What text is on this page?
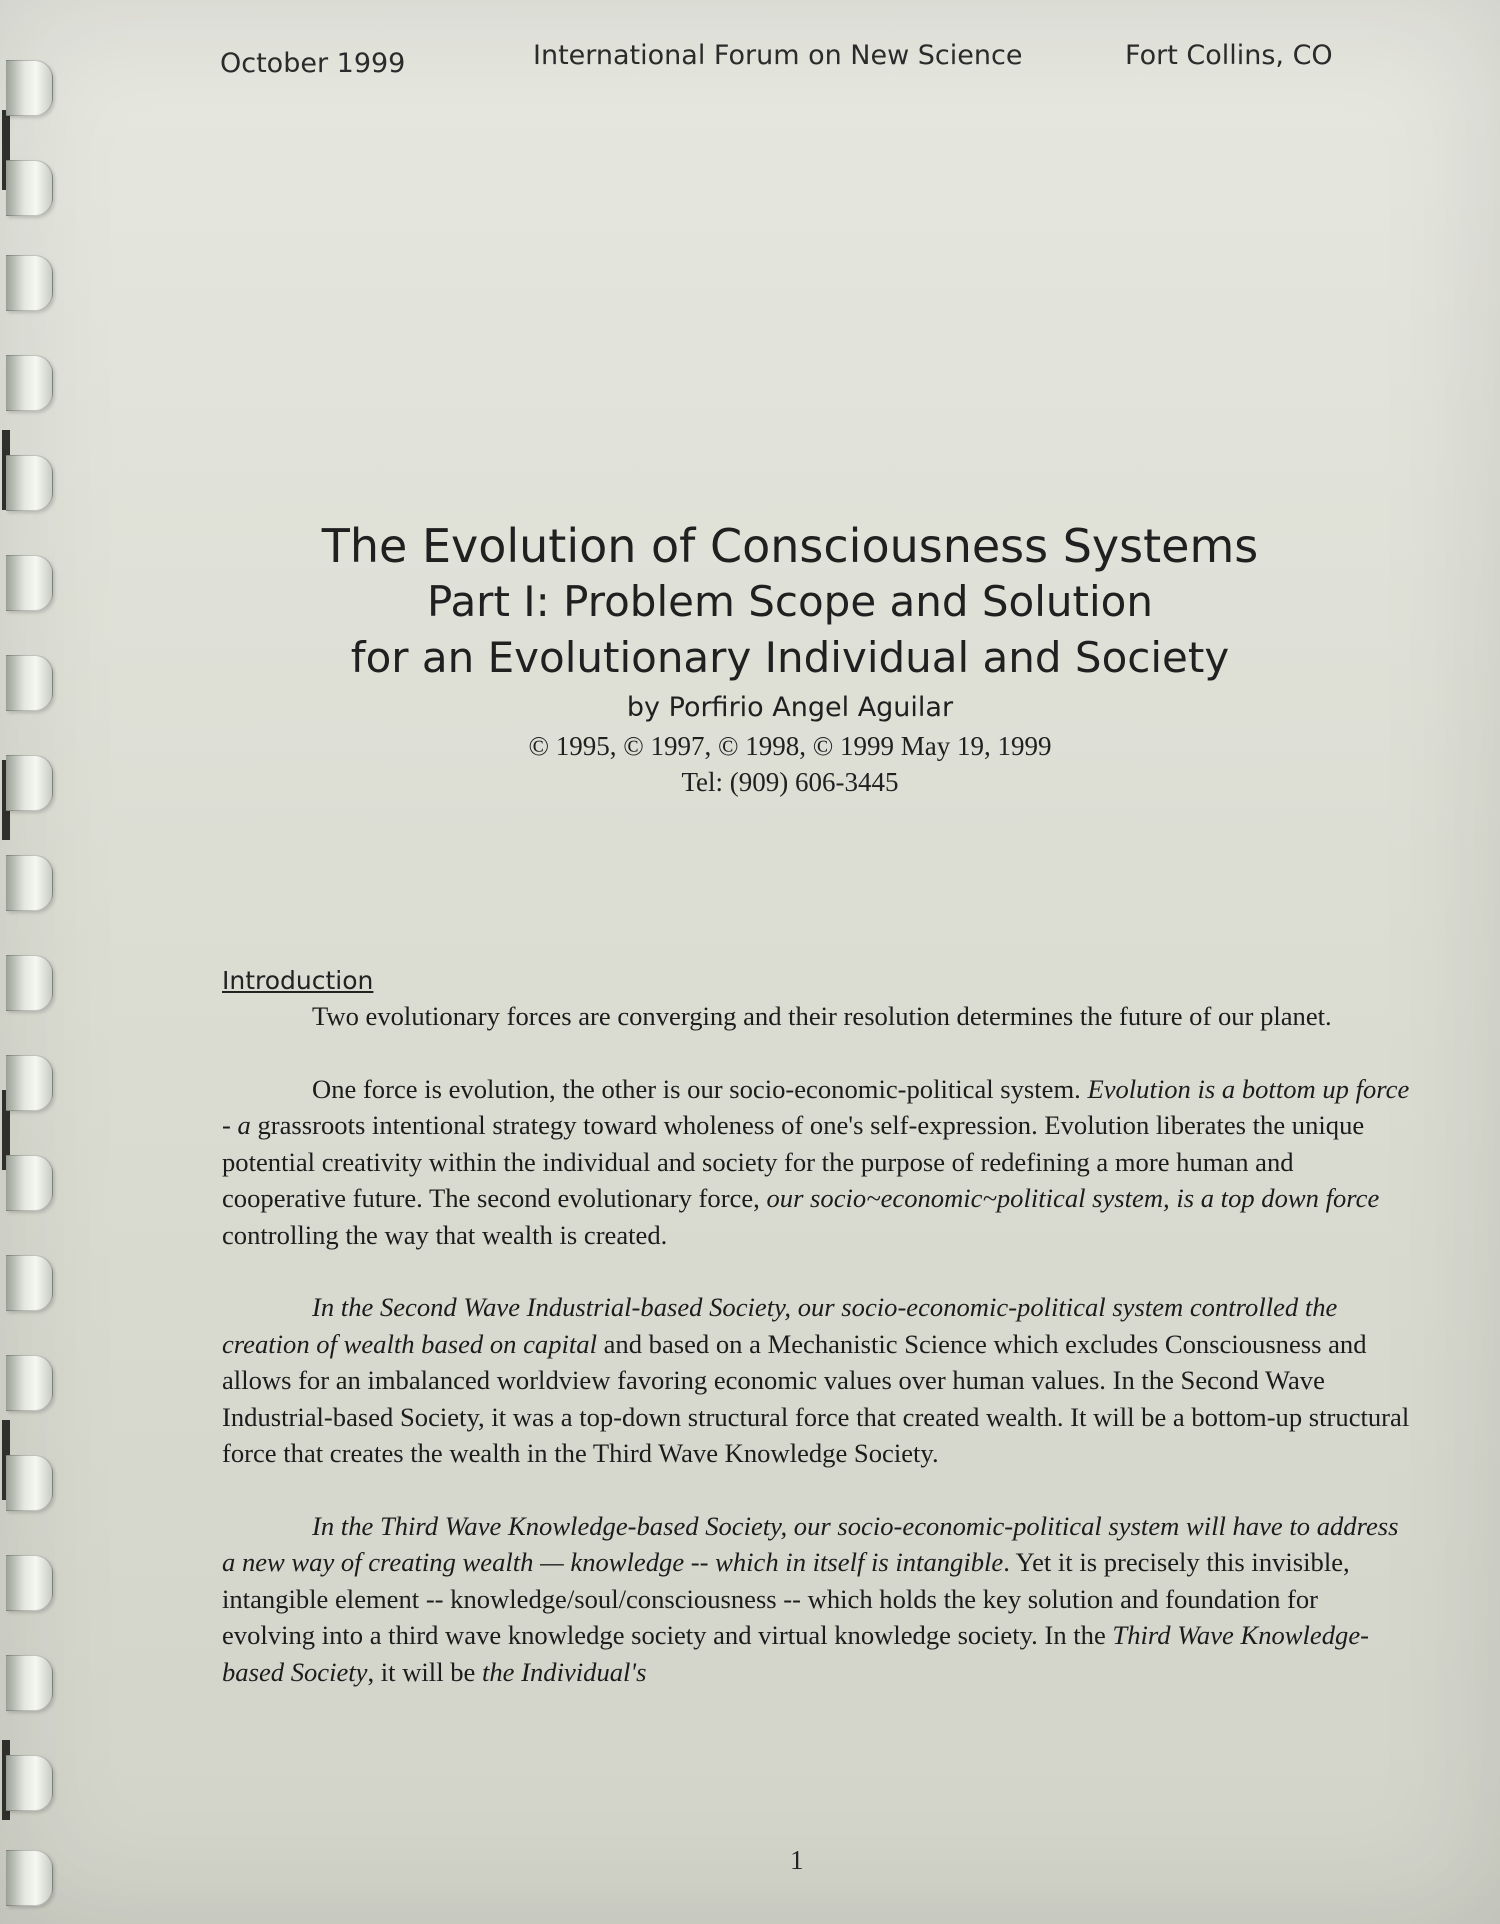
October 1999	International Forum on New Science	Fort Collins, CO
The Evolution of Consciousness Systems
Part I: Problem Scope and Solution
for an Evolutionary Individual and Society
by Porfirio Angel Aguilar
© 1995, © 1997, © 1998, © 1999 May 19, 1999
Tel: (909) 606-3445
Introduction

Two evolutionary forces are converging and their resolution determines the future of our planet.

One force is evolution, the other is our socio-economic-political system. Evolution is a bottom up force - a grassroots intentional strategy toward wholeness of one's self-expression. Evolution liberates the unique potential creativity within the individual and society for the purpose of redefining a more human and cooperative future. The second evolutionary force, our socio~economic~political system, is a top down force controlling the way that wealth is created.

In the Second Wave Industrial-based Society, our socio-economic-political system controlled the creation of wealth based on capital and based on a Mechanistic Science which excludes Consciousness and allows for an imbalanced worldview favoring economic values over human values. In the Second Wave Industrial-based Society, it was a top-down structural force that created wealth. It will be a bottom-up structural force that creates the wealth in the Third Wave Knowledge Society.

In the Third Wave Knowledge-based Society, our socio-economic-political system will have to address a new way of creating wealth — knowledge -- which in itself is intangible. Yet it is precisely this invisible, intangible element -- knowledge/soul/consciousness -- which holds the key solution and foundation for evolving into a third wave knowledge society and virtual knowledge society. In the Third Wave Knowledge-based Society, it will be the Individual's

1
